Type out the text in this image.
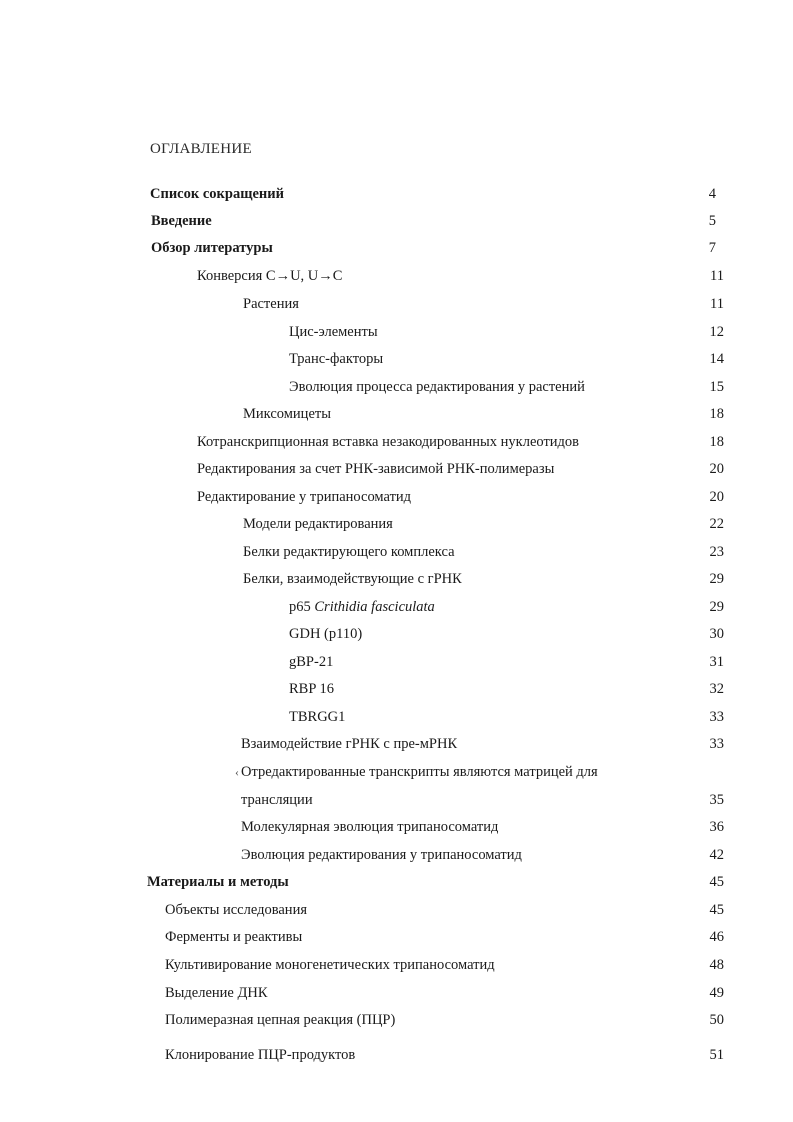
ОГЛАВЛЕНИЕ
Список сокращений	4
Введение	5
Обзор литературы	7
Конверсия C→U, U→C	11
Растения	11
Цис-элементы	12
Транс-факторы	14
Эволюция процесса редактирования у растений	15
Миксомицеты	18
Котранскрипционная вставка незакодированных нуклеотидов	18
Редактирования за счет РНК-зависимой РНК-полимеразы	20
Редактирование у трипаносоматид	20
Модели редактирования	22
Белки редактирующего комплекса	23
Белки, взаимодействующие с гРНК	29
p65 Crithidia fasciculata	29
GDH (p110)	30
gBP-21	31
RBP 16	32
TBRGG1	33
Взаимодействие гРНК с пре-мРНК	33
‹ Отредактированные транскрипты являются матрицей для
трансляции	35
Молекулярная эволюция трипаносоматид	36
Эволюция редактирования у трипаносоматид	42
Материалы и методы	45
Объекты исследования	45
Ферменты и реактивы	46
Культивирование моногенетических трипаносоматид	48
Выделение ДНК	49
Полимеразная цепная реакция (ПЦР)	50
Клонирование ПЦР-продуктов	51
